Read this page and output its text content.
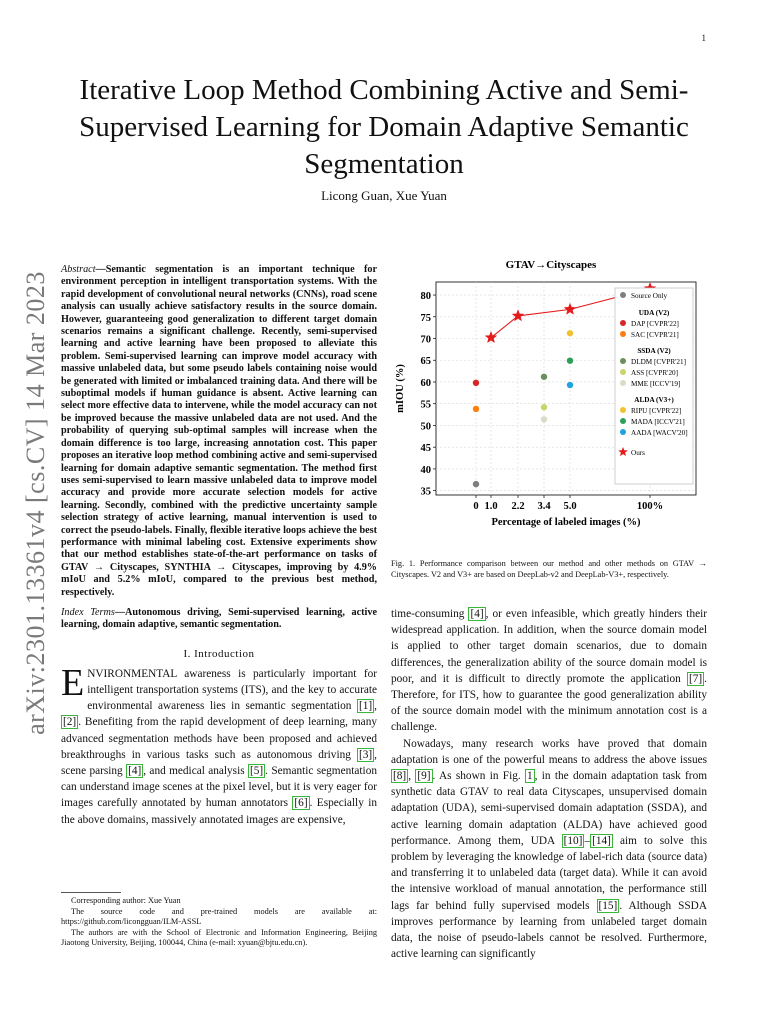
1
arXiv:2301.13361v4 [cs.CV] 14 Mar 2023
Iterative Loop Method Combining Active and Semi-Supervised Learning for Domain Adaptive Semantic Segmentation
Licong Guan, Xue Yuan

Abstract—Semantic segmentation is an important technique for environment perception in intelligent transportation systems. With the rapid development of convolutional neural networks (CNNs), road scene analysis can usually achieve satisfactory results in the source domain. However, guaranteeing good generalization to different target domain scenarios remains a significant challenge. Recently, semi-supervised learning and active learning have been proposed to alleviate this problem. Semi-supervised learning can improve model accuracy with massive unlabeled data, but some pseudo labels containing noise would be generated with limited or imbalanced training data. And there will be suboptimal models if human guidance is absent. Active learning can select more effective data to intervene, while the model accuracy can not be improved because the massive unlabeled data are not used. And the probability of querying sub-optimal samples will increase when the domain difference is too large, increasing annotation cost. This paper proposes an iterative loop method combining active and semi-supervised learning for domain adaptive semantic segmentation. The method first uses semi-supervised to learn massive unlabeled data to improve model accuracy and provide more accurate selection models for active learning. Secondly, combined with the predictive uncertainty sample selection strategy of active learning, manual intervention is used to correct the pseudo-labels. Finally, flexible iterative loops achieve the best performance with minimal labeling cost. Extensive experiments show that our method establishes state-of-the-art performance on tasks of GTAV → Cityscapes, SYNTHIA → Cityscapes, improving by 4.9% mIoU and 5.2% mIoU, compared to the previous best method, respectively.

Index Terms—Autonomous driving, Semi-supervised learning, active learning, domain adaptive, semantic segmentation.

I. Introduction

ENVIRONMENTAL awareness is particularly important for intelligent transportation systems (ITS), and the key to accurate environmental awareness lies in semantic segmentation [1] , [2] . Benefiting from the rapid development of deep learning, many advanced segmentation methods have been proposed and achieved breakthroughs in various tasks such as autonomous driving [3] , scene parsing [4] , and medical analysis [5] . Semantic segmentation can understand image scenes at the pixel level, but it is very eager for images carefully annotated by human annotators [6] . Especially in the above domains, massively annotated images are expensive,

Corresponding author: Xue Yuan

The source code and pre-trained models are available at: https://github.com/licongguan/ILM-ASSL

The authors are with the School of Electronic and Information Engineering, Beijing Jiaotong University, Beijing, 100044, China (e-mail: xyuan@bjtu.edu.cn).

GTAV→Cityscapes
35
40
45
50
55
60
65
70
75
80
0 1.0 2.2 3.4 5.0	100%
Percentage of labeled images (%)
mIOU (%)
Source Only
UDA (V2)
DAP [CVPR'22]
SAC [CVPR'21]
SSDA (V2)
DLDM [CVPR'21]
ASS [CVPR'20]
MME [ICCV'19]
ALDA (V3+)
RIPU [CVPR'22]
MADA [ICCV'21]
AADA [WACV'20]
Ours
Fig. 1. Performance comparison between our method and other methods on GTAV → Cityscapes. V2 and V3+ are based on DeepLab-v2 and DeepLab-V3+, respectively.

time-consuming [4] , or even infeasible, which greatly hinders their widespread application. In addition, when the source domain model is applied to other target domain scenarios, due to domain differences, the generalization ability of the source domain model is poor, and it is difficult to directly promote the application [7] . Therefore, for ITS, how to guarantee the good generalization ability of the source domain model with the minimum annotation cost is a challenge.

Nowadays, many research works have proved that domain adaptation is one of the powerful means to address the above issues [8] , [9] . As shown in Fig. 1 , in the domain adaptation task from synthetic data GTAV to real data Cityscapes, unsupervised domain adaptation (UDA), semi-supervised domain adaptation (SSDA), and active learning domain adaptation (ALDA) have achieved good performance. Among them, UDA [10] – [14] aim to solve this problem by leveraging the knowledge of label-rich data (source data) and transferring it to unlabeled data (target data). While it can avoid the intensive workload of manual annotation, the performance still lags far behind fully supervised models [15] . Although SSDA improves performance by learning from unlabeled target domain data, the noise of pseudo-labels cannot be resolved. Furthermore, active learning can significantly
